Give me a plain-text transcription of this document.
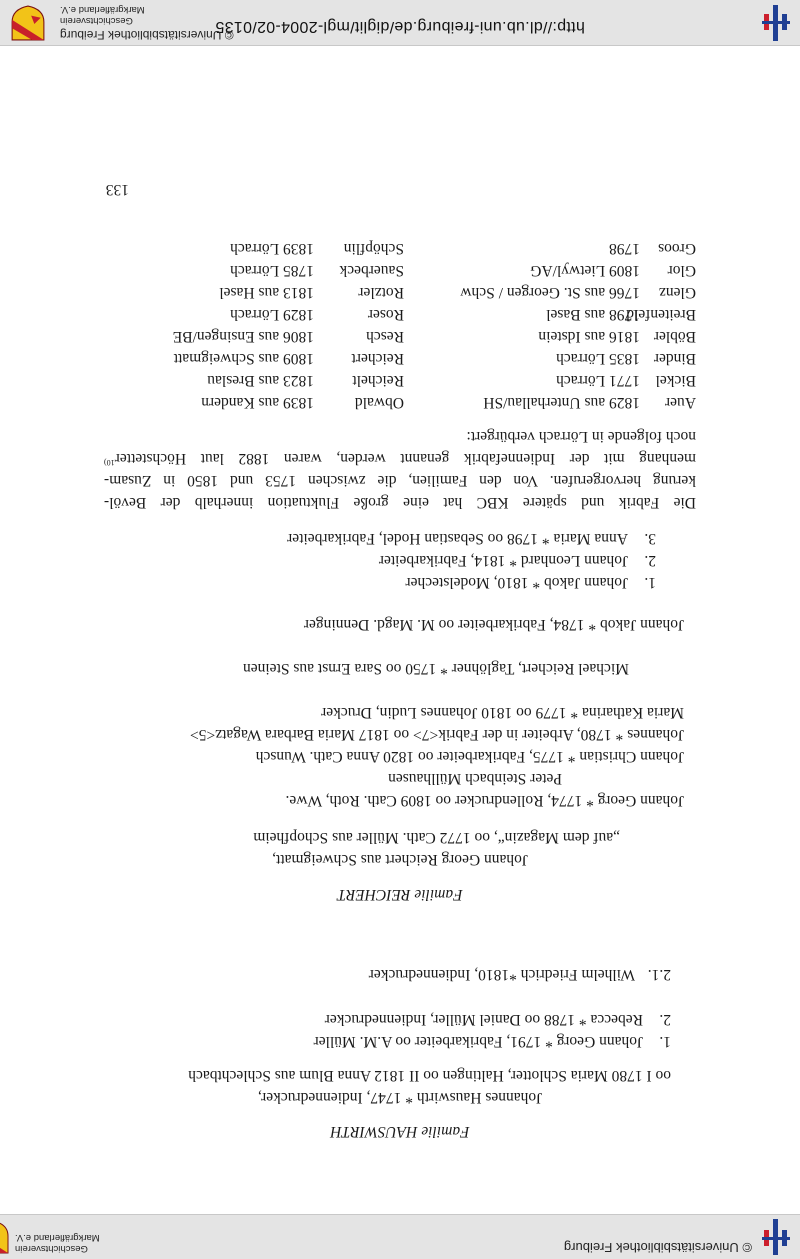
© Universitätsbibliothek Freiburg
Geschichtsverein
Markgräflerland e.V.
Familie HAUSWIRTH
Johannes Hauswirth * 1747, Indiennedrucker,
oo I 1780 Maria Schlotter, Haltingen oo II 1812 Anna Blum aus Schlechtbach
1.
Johann Georg * 1791, Fabrikarbeiter oo A.M. Müller
2.
Rebecca * 1788 oo Daniel Müller, Indiennedrucker
2.1.
Wilhelm Friedrich *1810, Indiennedrucker
Familie REICHERT
Johann Georg Reichert aus Schweigmatt,
„auf dem Magazin“, oo 1772 Cath. Müller aus Schopfheim
Johann Georg * 1774, Rollendrucker oo 1809 Cath. Roth, Wwe.
Peter Steinbach Müllhausen
Johann Christian * 1775, Fabrikarbeiter oo 1820 Anna Cath. Wunsch
Johannes * 1780, Arbeiter in der Fabrik<7> oo 1817 Maria Barbara Wagatz<5>
Maria Katharina * 1779 oo 1810 Johannes Ludin, Drucker
Michael Reichert, Taglöhner * 1750 oo Sara Ernst aus Steinen
Johann Jakob * 1784, Fabrikarbeiter oo M. Magd. Denninger
1.
Johann Jakob * 1810, Modelstecher
2.
Johann Leonhard * 1814, Fabrikarbeiter
3.
Anna Maria * 1798 oo Sebastian Hodel, Fabrikarbeiter
Die Fabrik und spätere KBC hat eine große Fluktuation innerhalb der Bevöl-
kerung hervorgerufen. Von den Familien, die zwischen 1753 und 1850 in Zusam-
menhang mit der Indiennefabrik genannt werden, waren 1882 laut Höchstetter$^{10)}$
noch folgende in Lörrach verbürgert:
Auer
1829 aus Unterhallau/SH
Obwald
1839 aus Kandern
Bickel
1771 Lörrach
Reichelt
1823 aus Breslau
Binder
1835 Lörrach
Reichert
1809 aus Schweigmatt
Böbler
1816 aus Idstein
Resch
1806 aus Ensingen/BE
Breitenfeld
1798 aus Basel
Roser
1829 Lörrach
Glenz
1766 aus St. Georgen / Schw
Rotzler
1813 aus Hasel
Glor
1809 Lietwyl/AG
Sauerbeck
1785 Lörrach
Groos
1798
Schöpflin
1839 Lörrach
133
http://dl.ub.uni-freiburg.de/diglit/mgl-2004-02/0135
© Universitätsbibliothek Freiburg
Geschichtsverein
Markgräflerland e.V.
